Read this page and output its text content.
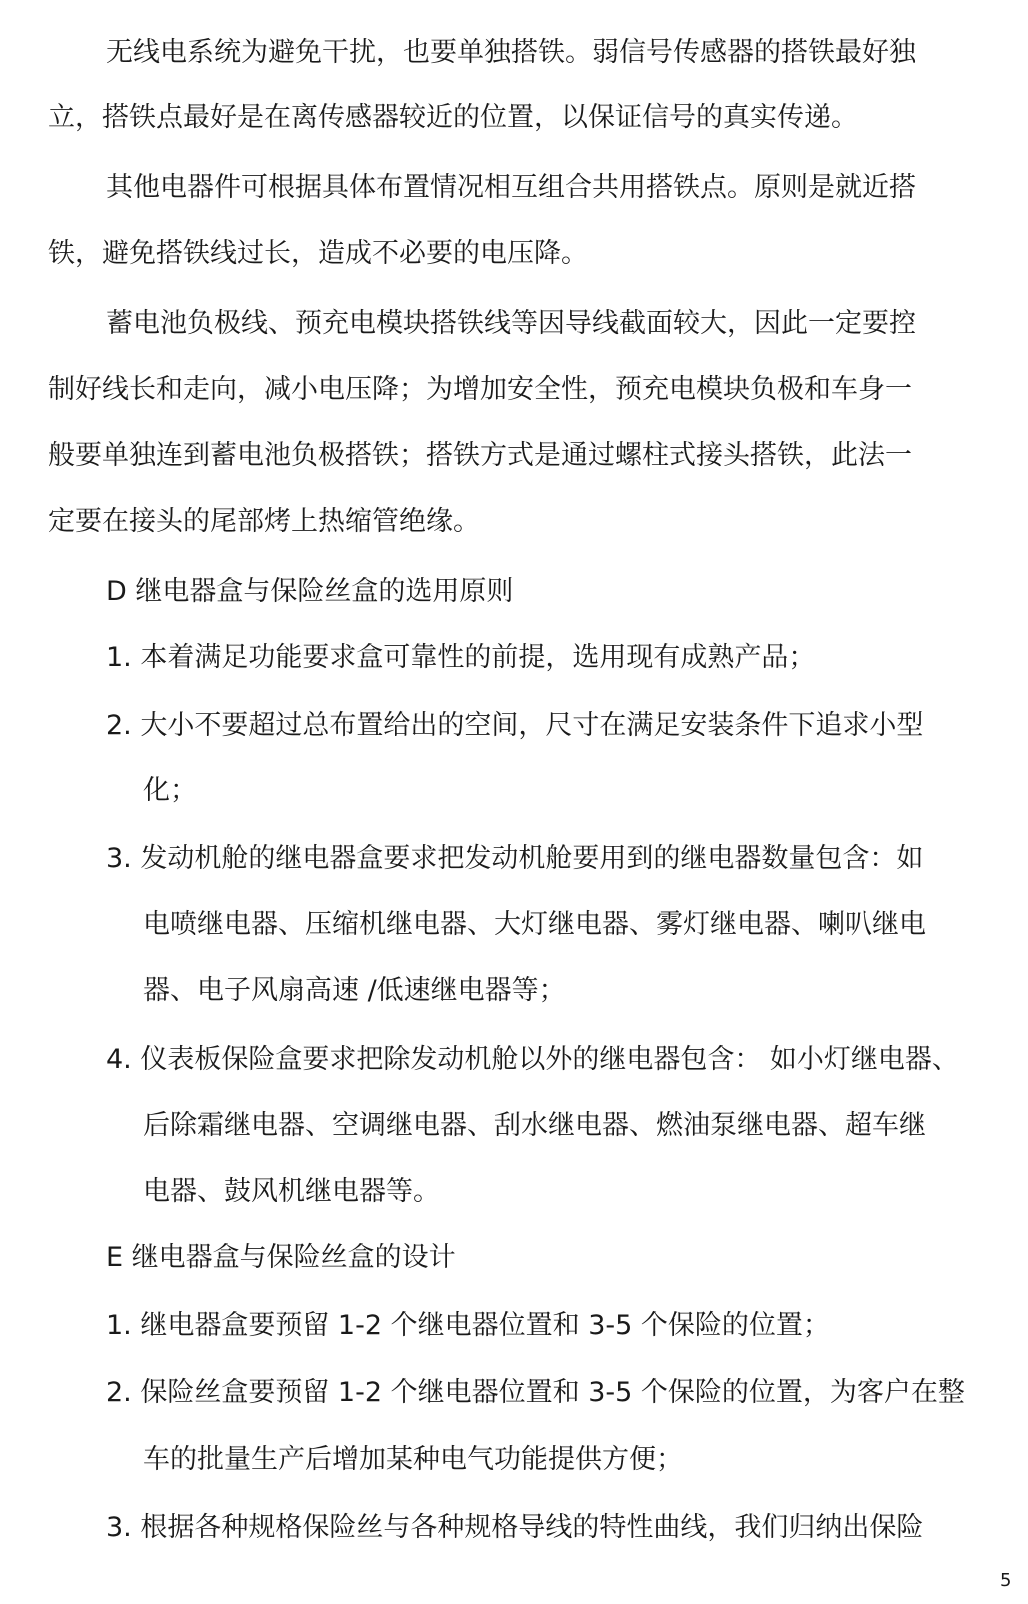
无线电系统为避免干扰，也要单独搭铁。弱信号传感器的搭铁最好独
立，搭铁点最好是在离传感器较近的位置，以保证信号的真实传递。
其他电器件可根据具体布置情况相互组合共用搭铁点。原则是就近搭
铁，避免搭铁线过长，造成不必要的电压降。
蓄电池负极线、预充电模块搭铁线等因导线截面较大，因此一定要控
制好线长和走向，减小电压降；为增加安全性，预充电模块负极和车身一
般要单独连到蓄电池负极搭铁；搭铁方式是通过螺柱式接头搭铁，此法一
定要在接头的尾部烤上热缩管绝缘。
D 继电器盒与保险丝盒的选用原则
1. 本着满足功能要求盒可靠性的前提，选用现有成熟产品；
2. 大小不要超过总布置给出的空间，尺寸在满足安装条件下追求小型
化；
3. 发动机舱的继电器盒要求把发动机舱要用到的继电器数量包含：如
电喷继电器、压缩机继电器、大灯继电器、雾灯继电器、喇叭继电
器、电子风扇高速 /低速继电器等；
4. 仪表板保险盒要求把除发动机舱以外的继电器包含： 如小灯继电器、
后除霜继电器、空调继电器、刮水继电器、燃油泵继电器、超车继
电器、鼓风机继电器等。
E 继电器盒与保险丝盒的设计
1. 继电器盒要预留 1-2 个继电器位置和 3-5 个保险的位置；
2. 保险丝盒要预留 1-2 个继电器位置和 3-5 个保险的位置，为客户在整
车的批量生产后增加某种电气功能提供方便；
3. 根据各种规格保险丝与各种规格导线的特性曲线，我们归纳出保险
5
